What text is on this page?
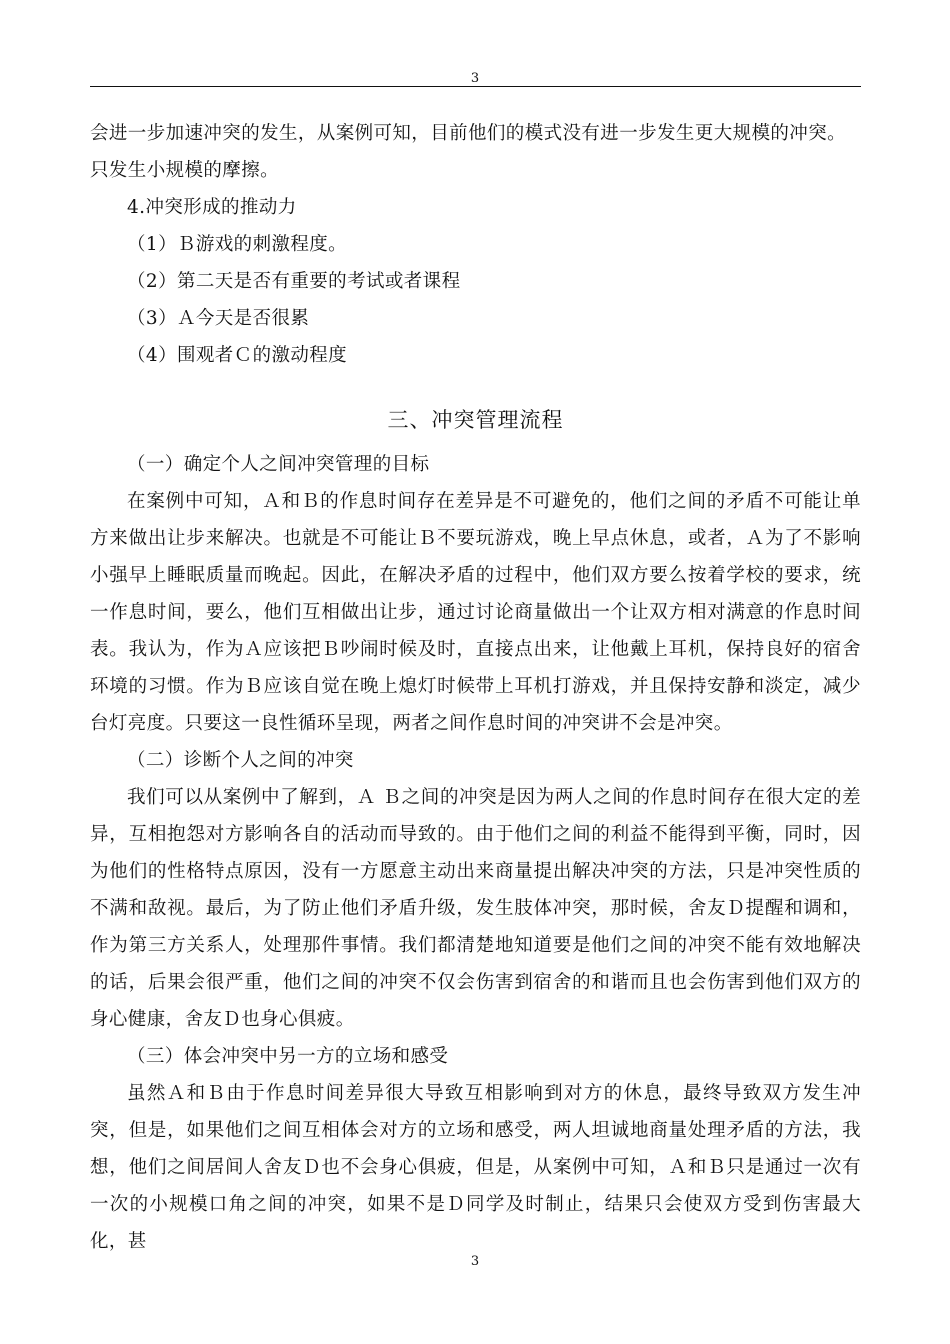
3

会进一步加速冲突的发生，从案例可知，目前他们的模式没有进一步发生更大规模的冲突。

只发生小规模的摩擦。

4.冲突形成的推动力

（1）Ｂ游戏的刺激程度。

（2）第二天是否有重要的考试或者课程

（3）Ａ今天是否很累

（4）围观者Ｃ的激动程度

三、冲突管理流程

（一）确定个人之间冲突管理的目标

在案例中可知，Ａ和Ｂ的作息时间存在差异是不可避免的，他们之间的矛盾不可能让单方来做出让步来解决。也就是不可能让Ｂ不要玩游戏，晚上早点休息，或者，Ａ为了不影响小强早上睡眠质量而晚起。因此，在解决矛盾的过程中，他们双方要么按着学校的要求，统一作息时间，要么，他们互相做出让步，通过讨论商量做出一个让双方相对满意的作息时间表。我认为，作为Ａ应该把Ｂ吵闹时候及时，直接点出来，让他戴上耳机，保持良好的宿舍环境的习惯。作为Ｂ应该自觉在晚上熄灯时候带上耳机打游戏，并且保持安静和淡定，减少台灯亮度。只要这一良性循环呈现，两者之间作息时间的冲突讲不会是冲突。

（二）诊断个人之间的冲突

我们可以从案例中了解到，Ａ Ｂ之间的冲突是因为两人之间的作息时间存在很大定的差异，互相抱怨对方影响各自的活动而导致的。由于他们之间的利益不能得到平衡，同时，因为他们的性格特点原因，没有一方愿意主动出来商量提出解决冲突的方法，只是冲突性质的不满和敌视。最后，为了防止他们矛盾升级，发生肢体冲突，那时候，舍友Ｄ提醒和调和，作为第三方关系人，处理那件事情。我们都清楚地知道要是他们之间的冲突不能有效地解决的话，后果会很严重，他们之间的冲突不仅会伤害到宿舍的和谐而且也会伤害到他们双方的身心健康，舍友Ｄ也身心俱疲。

（三）体会冲突中另一方的立场和感受

虽然Ａ和Ｂ由于作息时间差异很大导致互相影响到对方的休息，最终导致双方发生冲突，但是，如果他们之间互相体会对方的立场和感受，两人坦诚地商量处理矛盾的方法，我想，他们之间居间人舍友Ｄ也不会身心俱疲，但是，从案例中可知，Ａ和Ｂ只是通过一次有一次的小规模口角之间的冲突，如果不是Ｄ同学及时制止，结果只会使双方受到伤害最大化，甚

3
